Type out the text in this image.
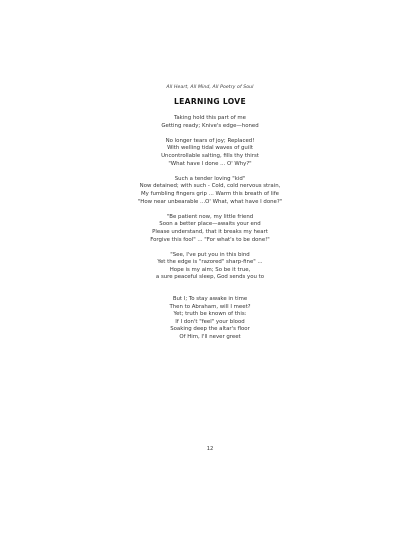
All Heart, All Mind, All Poetry of Soul
LEARNING LOVE
Taking hold this part of me
Getting ready; Knive's edge—honed
No longer tears of joy; Replaced!
With welling tidal waves of guilt
Uncontrollable salting, fills thy thirst
"What have I done ... O' Why?"
Such a tender loving "kid"
Now detained; with such - Cold, cold nervous strain,
My fumbling fingers grip ... Warm this breath of life
"How near unbearable ...O' What, what have I done?"
"Be patient now, my little friend
Soon a better place—awaits your end
Please understand, that it breaks my heart
Forgive this fool" ... "For what's to be done!"
"See, I've put you in this bind
Yet the edge is "razored" sharp-fine" ...
Hope is my aim; So be it true,
a sure peaceful sleep, God sends you to
But I; To stay awake in time
Then to Abraham, will I meet?
Yet; truth be known of this:
If I don't "feel" your blood
Soaking deep the altar's floor
Of Him, I'll never greet
12
